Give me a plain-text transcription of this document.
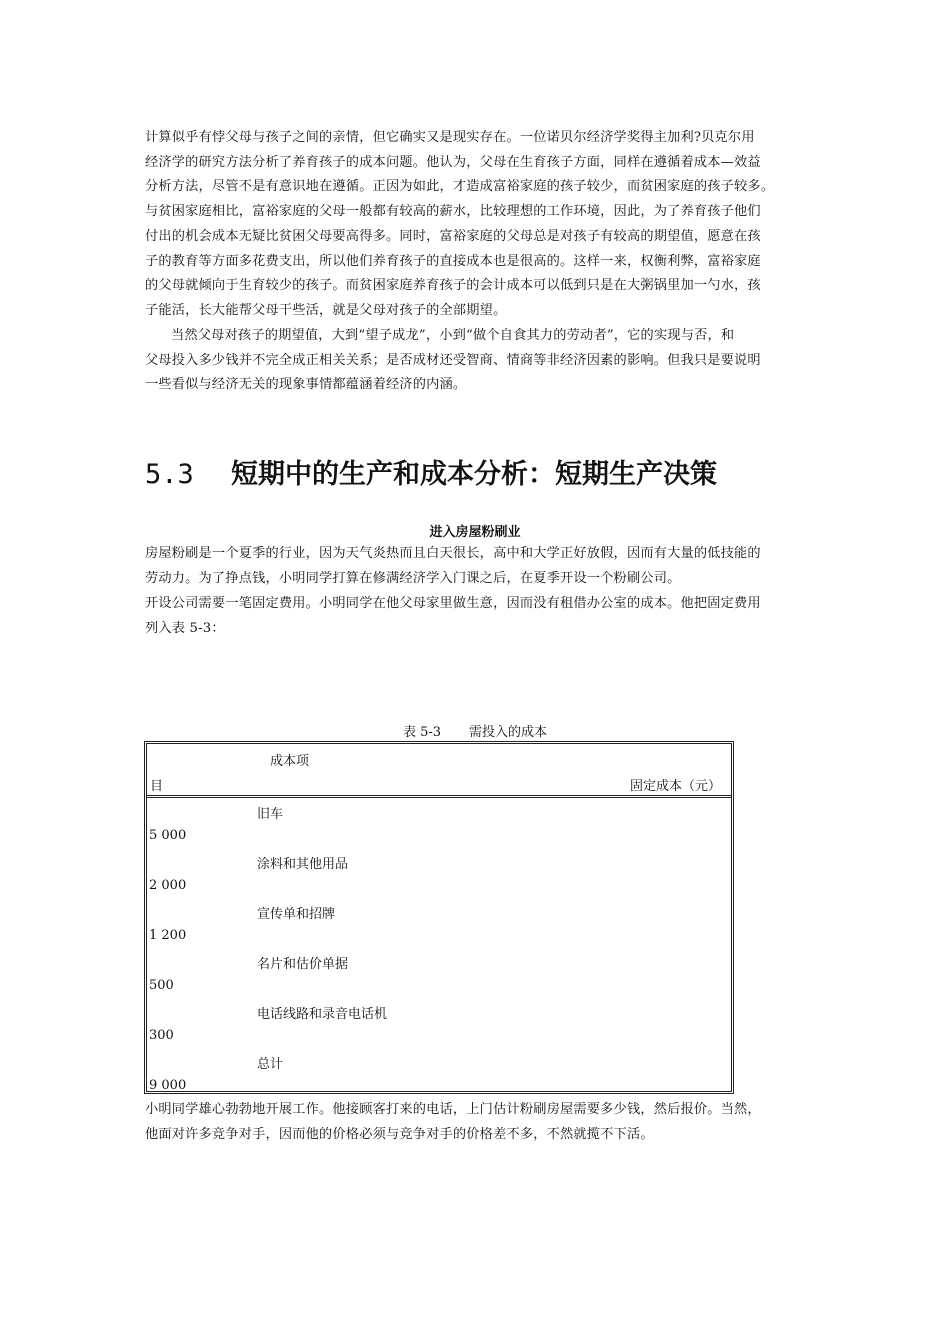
计算似乎有悖父母与孩子之间的亲情，但它确实又是现实存在。一位诺贝尔经济学奖得主加利?贝克尔用
经济学的研究方法分析了养育孩子的成本问题。他认为，父母在生育孩子方面，同样在遵循着成本—效益
分析方法，尽管不是有意识地在遵循。正因为如此，才造成富裕家庭的孩子较少，而贫困家庭的孩子较多。
与贫困家庭相比，富裕家庭的父母一般都有较高的薪水，比较理想的工作环境，因此，为了养育孩子他们
付出的机会成本无疑比贫困父母要高得多。同时，富裕家庭的父母总是对孩子有较高的期望值，愿意在孩
子的教育等方面多花费支出，所以他们养育孩子的直接成本也是很高的。这样一来，权衡利弊，富裕家庭
的父母就倾向于生育较少的孩子。而贫困家庭养育孩子的会计成本可以低到只是在大粥锅里加一勺水，孩
子能活，长大能帮父母干些活，就是父母对孩子的全部期望。
当然父母对孩子的期望值，大到“望子成龙”，小到“做个自食其力的劳动者”，它的实现与否，和
父母投入多少钱并不完全成正相关关系；是否成材还受智商、情商等非经济因素的影响。但我只是要说明
一些看似与经济无关的现象事情都蕴涵着经济的内涵。
5.3 短期中的生产和成本分析：短期生产决策
进入房屋粉刷业
房屋粉刷是一个夏季的行业，因为天气炎热而且白天很长，高中和大学正好放假，因而有大量的低技能的
劳动力。为了挣点钱，小明同学打算在修满经济学入门课之后，在夏季开设一个粉刷公司。
开设公司需要一笔固定费用。小明同学在他父母家里做生意，因而没有租借办公室的成本。他把固定费用
列入表 5-3：
表 5-3 需投入的成本
成本项
目	固定成本（元）
旧车
5 000
涂料和其他用品
2 000
宣传单和招牌
1 200
名片和估价单据
500
电话线路和录音电话机
300
总计
9 000
小明同学雄心勃勃地开展工作。他接顾客打来的电话，上门估计粉刷房屋需要多少钱，然后报价。当然，
他面对许多竞争对手，因而他的价格必须与竞争对手的价格差不多，不然就揽不下活。
